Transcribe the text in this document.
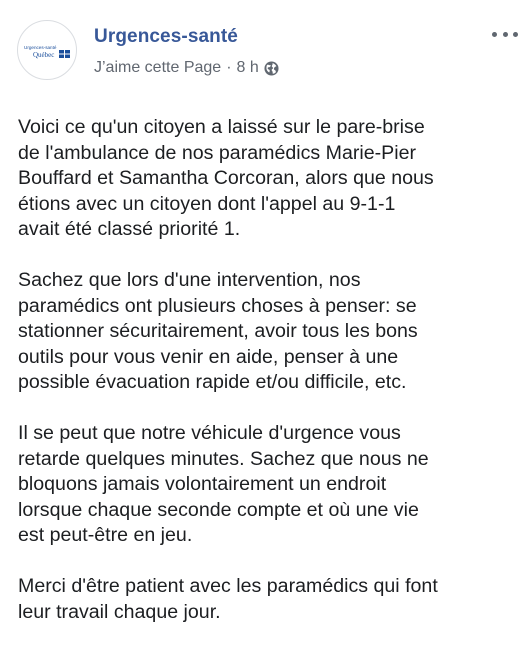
Urgences-santé
Québec
Urgences-santé
J’aime cette Page · 8 h

Voici ce qu'un citoyen a laissé sur le pare-brise
de l'ambulance de nos paramédics Marie-Pier
Bouffard et Samantha Corcoran, alors que nous
étions avec un citoyen dont l'appel au 9-1-1
avait été classé priorité 1.

Sachez que lors d'une intervention, nos
paramédics ont plusieurs choses à penser: se
stationner sécuritairement, avoir tous les bons
outils pour vous venir en aide, penser à une
possible évacuation rapide et/ou difficile, etc.

Il se peut que notre véhicule d'urgence vous
retarde quelques minutes. Sachez que nous ne
bloquons jamais volontairement un endroit
lorsque chaque seconde compte et où une vie
est peut-être en jeu.

Merci d'être patient avec les paramédics qui font
leur travail chaque jour.
